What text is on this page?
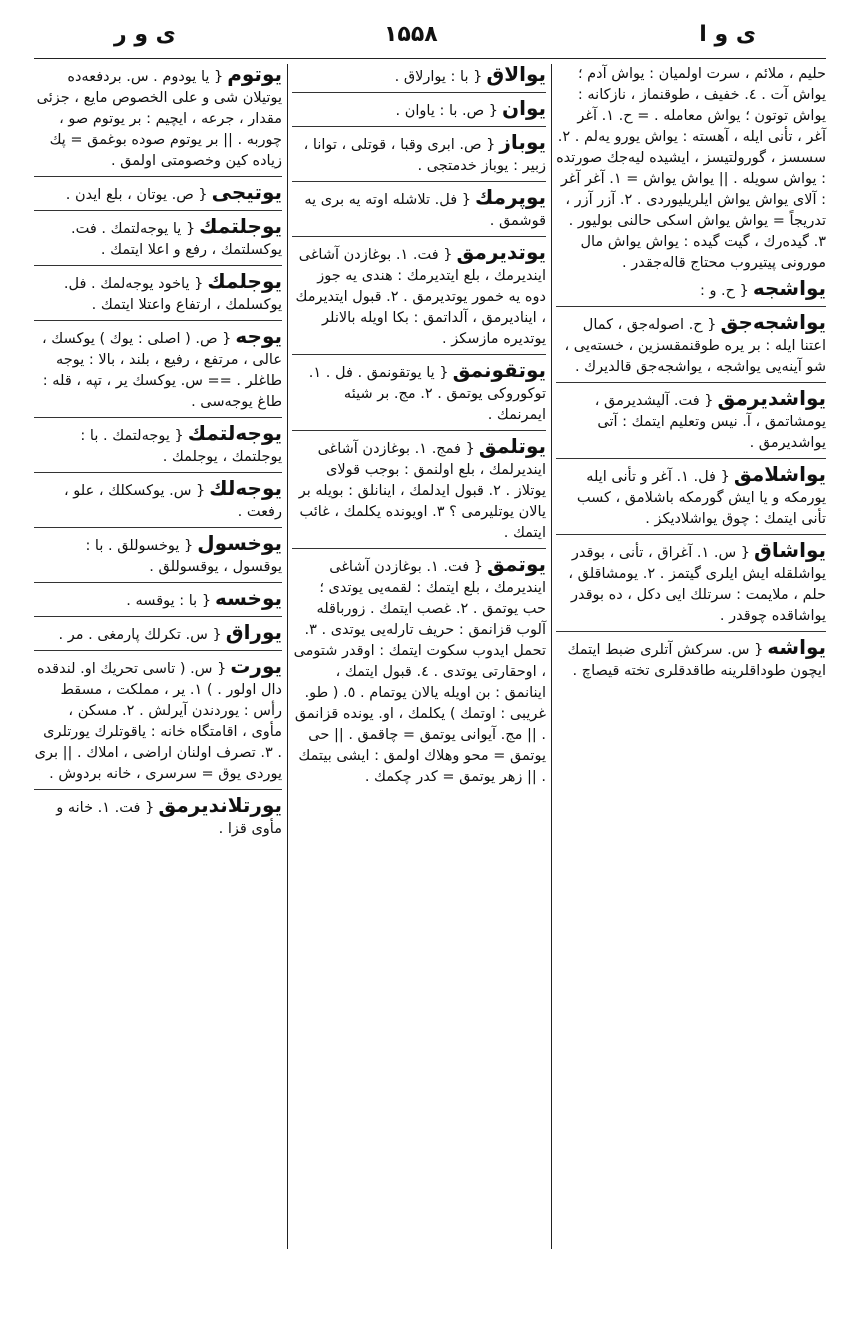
ی و ر	۱۵۵۸	ی و ا
حلیم ، ملائم ، سرت اولمیان : یواش آدم ؛ یواش آت . ٤. خفیف ، طوقنماز ، نازکانه : یواش توتون ؛ یواش معامله . = ح. ۱. آغر آغر ، تأنی ایله ، آهسته : یواش یورو یه‌لم . ۲. سسسز ، گورولتیسز ، ایشیده لیه‌جك صورتده : یواش سویله . || یواش یواش = ۱. آغر آغر : آلای یواش یواش ایلریلیوردی . ۲. آزر آزر ، تدریجاً = یواش یواش اسکی حالنی بولیور . ۳. گیده‌رك ، گیت گیده : یواش یواش مال مورونی پیتیروب محتاج قاله‌جقدر .
یواشجه{ ح. و :
یواشجه‌جق{ ح. اصوله‌جق ، کمال اعتنا ایله : بر یره طوقنمقسزین ، خسته‌یی ، شو آینه‌یی یواشجه ، یواشجه‌جق قالدیرك .
یواشدیرمق{ فت. آلیشدیرمق ، یومشاتمق ، آ. نیس وتعلیم ایتمك : آتی یواشدیرمق .
یواشلامق{ فل. ۱. آغر و تأنی ایله یورمکه و یا ایش گورمکه باشلامق ، کسب تأنی ایتمك : چوق یواشلادیکز .
یواشاق{ س. ۱. آغراق ، تأنی ، بوقدر یواشلقله ایش ایلری گیتمز . ۲. یومشاقلق ، حلم ، ملایمت : سرتلك ایی دکل ، ده بوقدر یواشاقده چوقدر .
یواشه{ س. سرکش آتلری ضبط ایتمك ایچون طوداقلرینه طاقدقلری تخته قیصاچ .
یوالاق{ با : یوارلاق .
یوان{ ص. با : یاوان .
یوباز{ ص. ابری وقبا ، قوتلی ، توانا ، زبیر : یوباز خدمتجی .
یوپرمك{ فل. تلاشله اوته یه بری یه قوشمق .
یوتدیرمق{ فت. ۱. بوغازدن آشاغی ایندیرمك ، بلع ایتدیرمك : هندی یه جوز دوه یه خمور یوتدیرمق . ۲. قبول ایتدیرمك ، اینادیرمق ، آلداتمق : بکا اویله بالانلر یوتدیره مازسکز .
یوتقونمق{ یا یوتقونمق . فل . ۱. توکوروکی یوتمق . ۲. مج. بر شیئه ایمرنمك .
یوتلمق{ فمج. ۱. بوغازدن آشاغی ایندیرلمك ، بلع اولنمق : بوجب قولای یوتلاز . ۲. قبول ایدلمك ، اینانلق : بویله بر یالان یوتلیرمی ؟ ۳. اویونده یکلمك ، غائب ایتمك .
یوتمق{ فت. ۱. بوغازدن آشاغی ایندیرمك ، بلع ایتمك : لقمه‌یی یوتدی ؛ حب یوتمق . ۲. غصب ایتمك . زورباقله آلوب قزانمق : حریف تارله‌یی یوتدی . ۳. تحمل ایدوب سکوت ایتمك : اوقدر شتومی ، اوحقارتی یوتدی . ٤. قبول ایتمك ، اینانمق : بن اویله یالان یوتمام . ٥. ( طو. غریبی : اوتمك ) یکلمك ، او. یونده قزانمق . || مج. آیوانی یوتمق = چاقمق . || حی یوتمق = محو وهلاك اولمق : ایشی بیتمك . || زهر یوتمق = کدر چکمك .
یوتوم{ یا یودوم . س. بردفعه‌ده یوتیلان شی و علی الخصوص مایع ، جزئی مقدار ، جرعه ، ایچیم : بر یوتوم صو ، چوربه . || بر یوتوم صو‌ده بوغمق = پك زیاده کین وخصومتی اولمق .
یوتیجی{ ص. یوتان ، بلع ایدن .
یوجلتمك{ یا یوجه‌لتمك . فت. یوکسلتمك ، رفع و اعلا ایتمك .
یوجلمك{ یاخود یوجه‌لمك . فل. یوکسلمك ، ارتفاع واعتلا ایتمك .
یوجه{ ص. ( اصلی : یوك ) یوکسك ، عالی ، مرتفع ، رفیع ، بلند ، بالا : یوجه طاغلر . == س. یوکسك یر ، تپه ، قله : طاغ یوجه‌سی .
یوجه‌لتمك{ یوجه‌لتمك . با : یوجلتمك ، یوجلمك .
یوجه‌لك{ س. یوکسکلك ، علو ، رفعت .
یوخسول{ یوخسوللق . با : یوقسول ، یوقسوللق .
یوخسه{ با : یوقسه .
یوراق{ س. تکرلك پارمغی . مر .
یورت{ س. ( تاسی تحریك او. لندقده دال اولور . ) ۱. یر ، مملکت ، مسقط رأس : یوردندن آیرلش . ۲. مسکن ، مأوی ، اقامتگاه خانه : یاقوتلرك یورتلری . ۳. تصرف اولنان اراضی ، املاك . || بری یوردی یوق = سرسری ، خانه بردوش .
یورتلاندیرمق{ فت. ۱. خانه و مأوی قزا .
